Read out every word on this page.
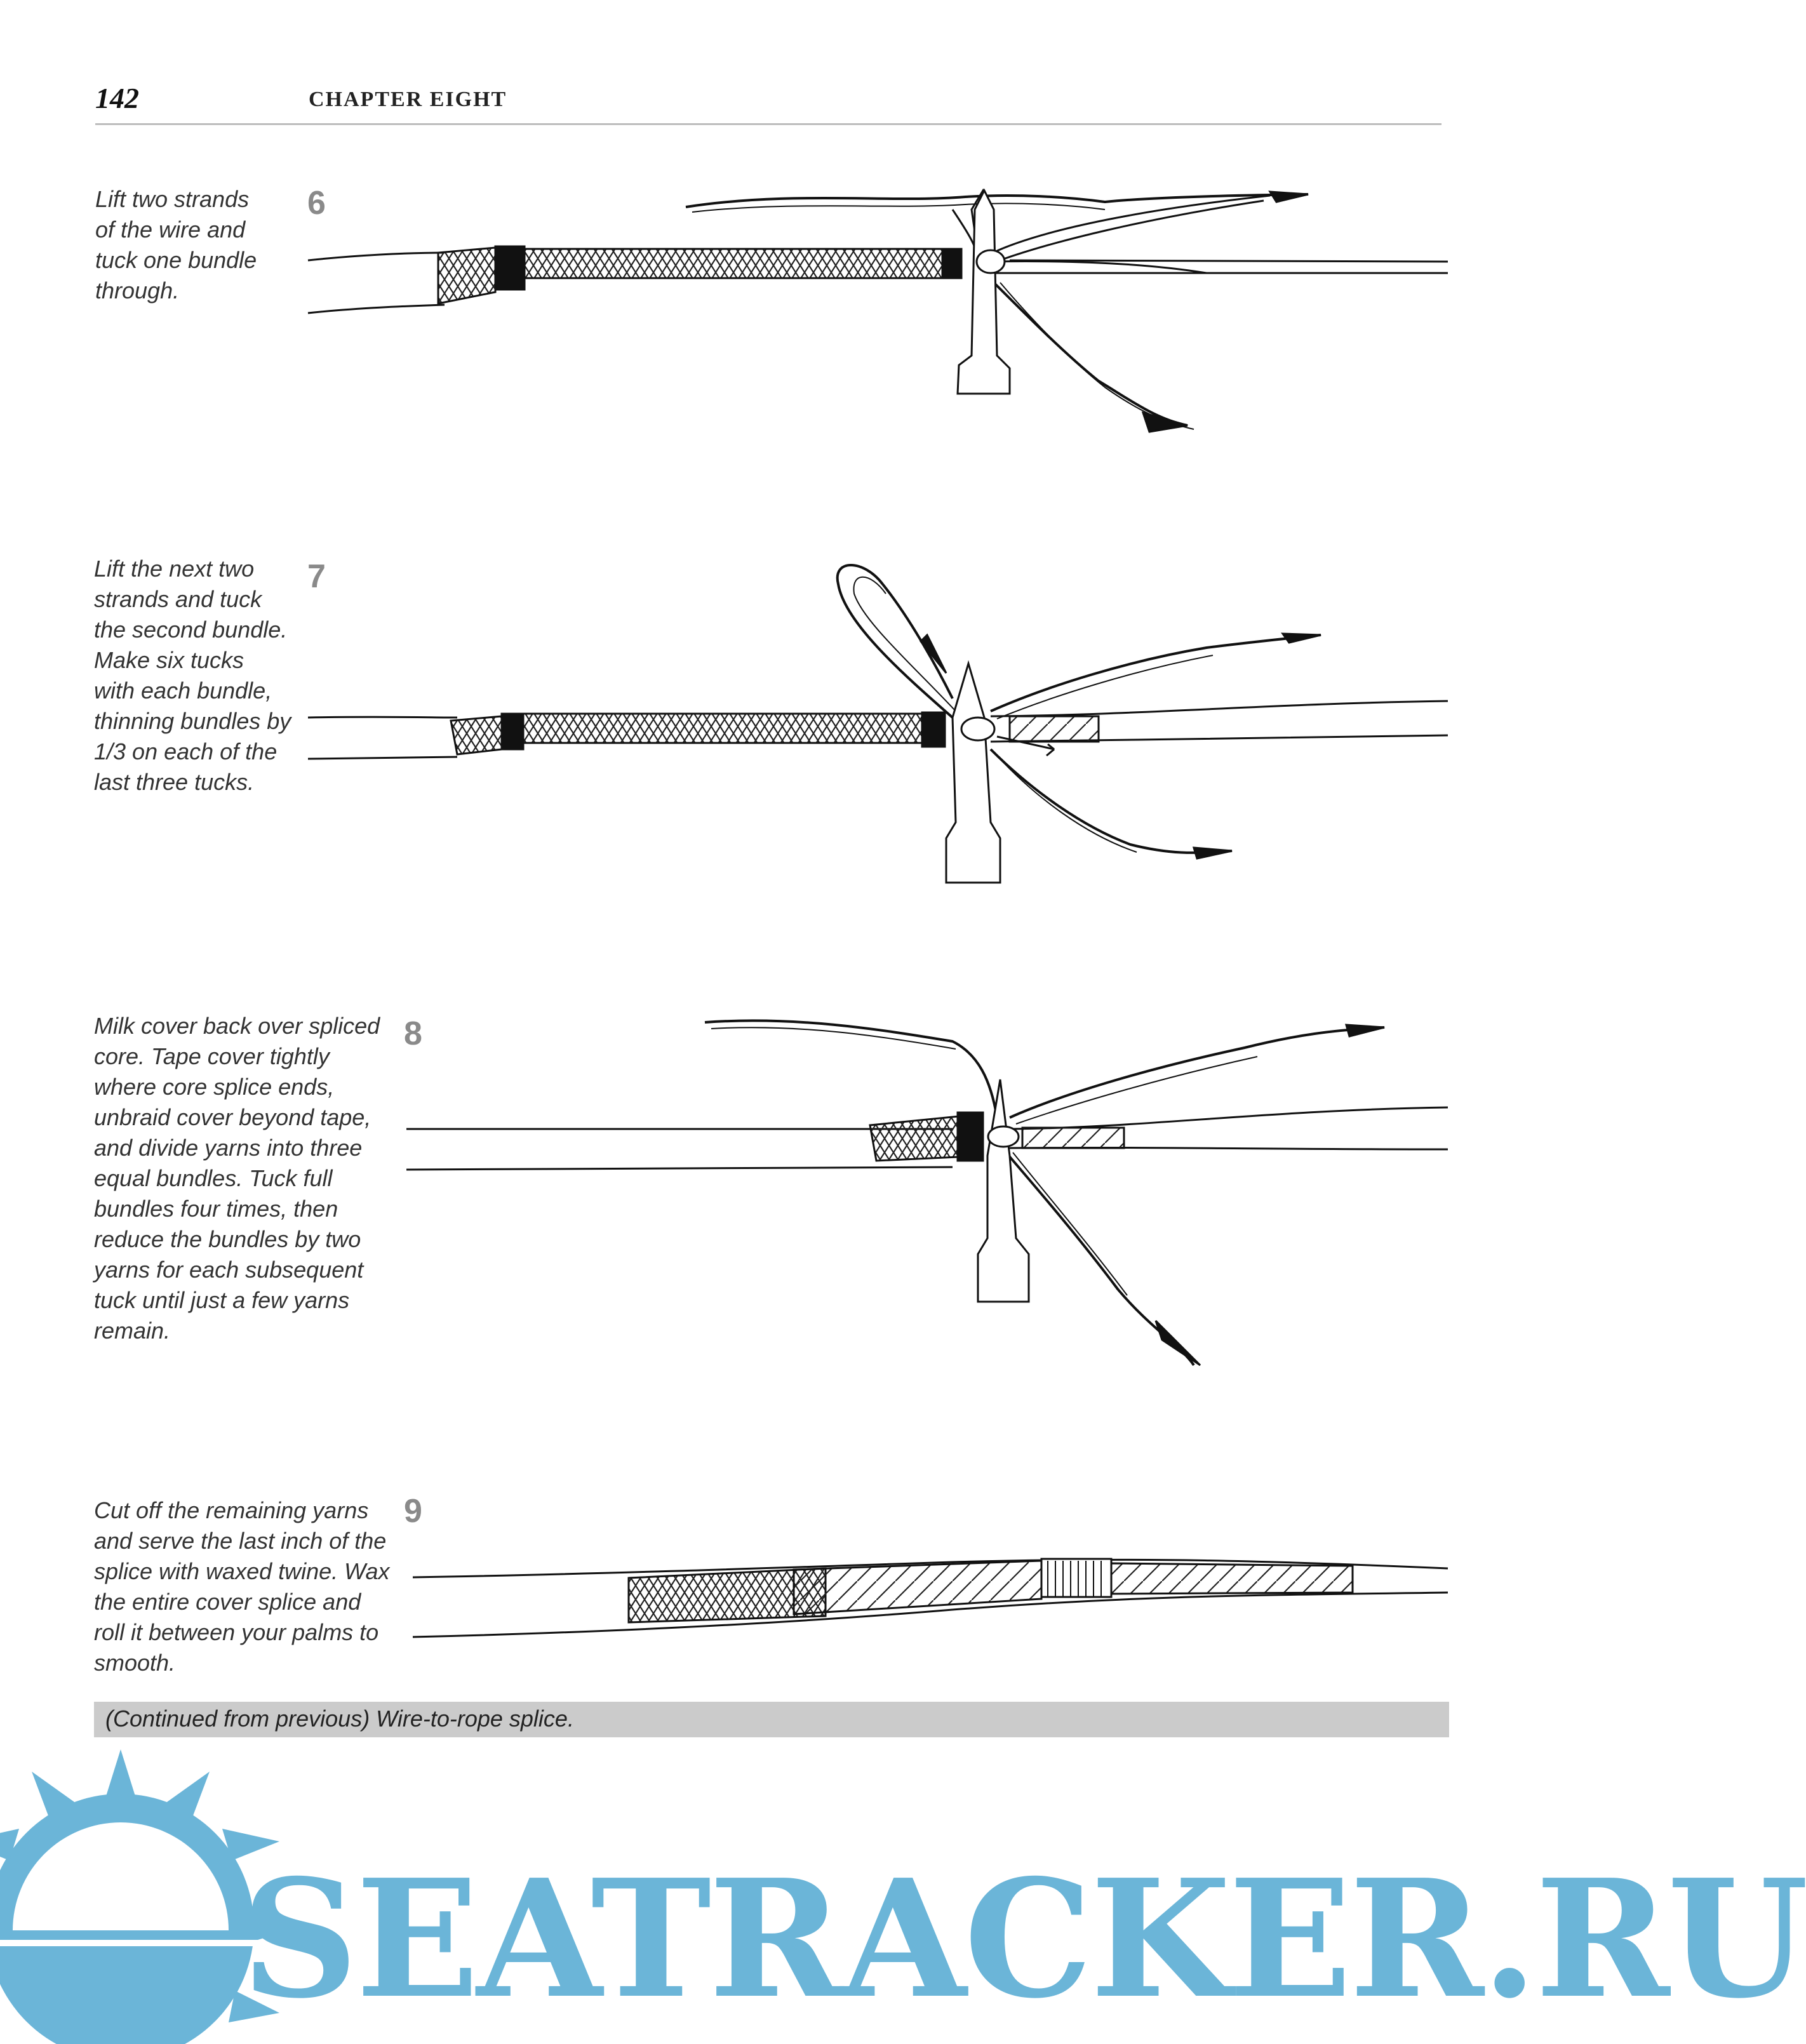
142	CHAPTER EIGHT
Lift two strands
of the wire and
tuck one bundle
through.
6
Lift the next two
strands and tuck
the second bundle.
Make six tucks
with each bundle,
thinning bundles by
1/3 on each of the
last three tucks.
7
Milk cover back over spliced
core. Tape cover tightly
where core splice ends,
unbraid cover beyond tape,
and divide yarns into three
equal bundles. Tuck full
bundles four times, then
reduce the bundles by two
yarns for each subsequent
tuck until just a few yarns
remain.
8
Cut off the remaining yarns
and serve the last inch of the
splice with waxed twine. Wax
the entire cover splice and
roll it between your palms to
smooth.
9
(Continued from previous) Wire-to-rope splice.
SEATRACKER.RU
